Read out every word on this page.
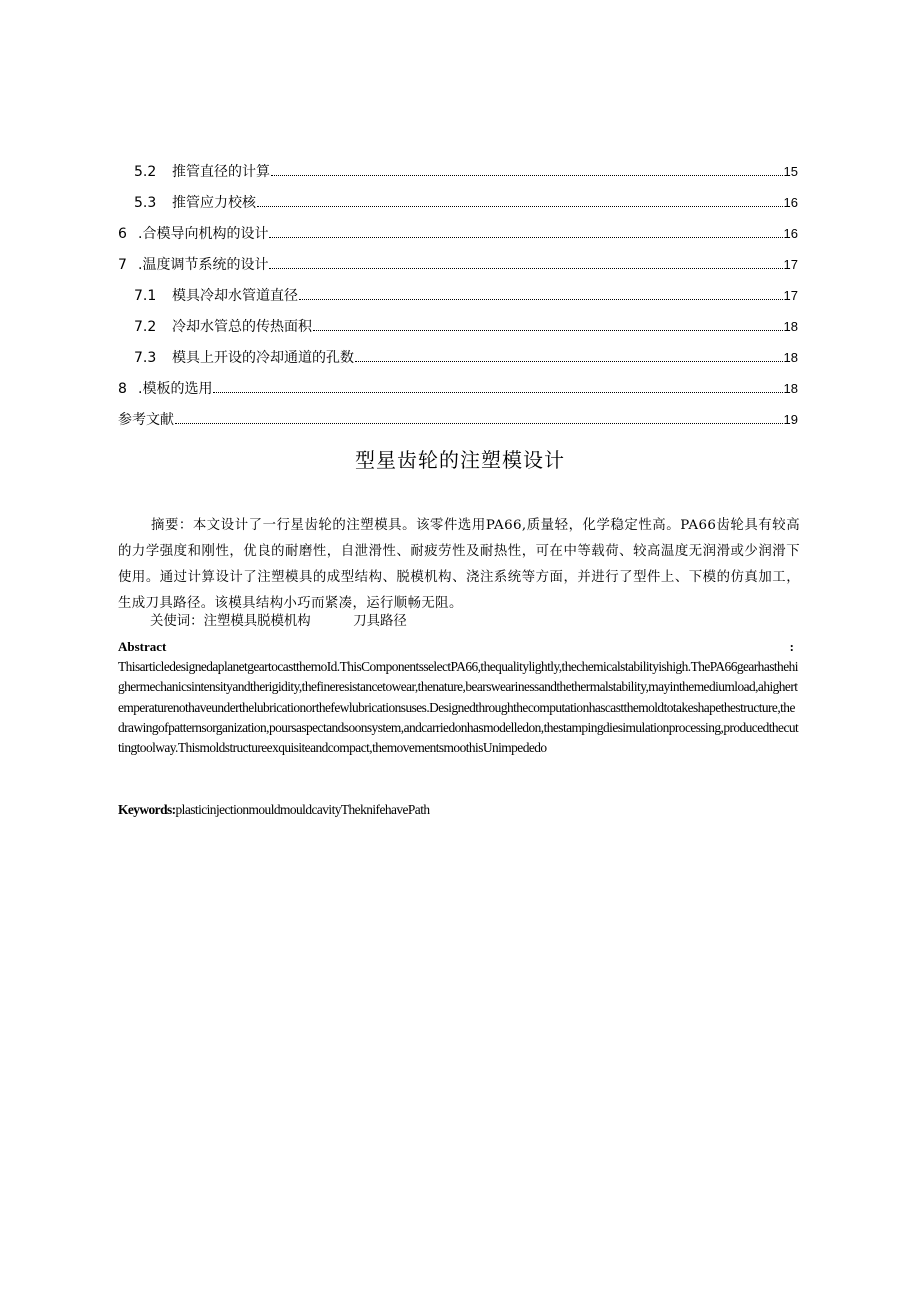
5.2	推管直径的计算	15
5.3	推管应力校核	16
6 .合模导向机构的设计	16
7 .温度调节系统的设计	17
7.1	模具冷却水管道直径	17
7.2	冷却水管总的传热面积	18
7.3	模具上开设的冷却通道的孔数	18
8 .模板的选用	18
参考文献	19
型星齿轮的注塑模设计
摘要：本文设计了一行星齿轮的注塑模具。该零件选用PA66,质量轻，化学稳定性高。PA66齿轮具有较高的力学强度和刚性，优良的耐磨性，自泄滑性、耐疲劳性及耐热性，可在中等载荷、较高温度无润滑或少润滑下使用。通过计算设计了注塑模具的成型结构、脱模机构、浇注系统等方面，并进行了型件上、下模的仿真加工，生成刀具路径。该模具结构小巧而紧凑，运行顺畅无阻。
关使词：注塑模具脱模机构          刀具路径
Abstract	:
ThisarticledesignedaplanetgeartocastthemoId.ThisComponentsselectPA66,thequalitylightly,thechemicalstabilityishigh.ThePA66gearhasthehighermechanicsintensityandtherigidity,thefineresistancetowear,thenature,bearswearinessandthethermalstability,mayinthemediumload,ahighertemperaturenothaveunderthelubricationorthefewlubricationsuses.Designedthroughthecomputationhascastthemoldtotakeshapethestructure,thedrawingofpatternsorganization,poursaspectandsoonsystem,andcarriedonhasmodelledon,thestampingdiesimulationprocessing,producedthecuttingtoolway.Thismoldstructureexquisiteandcompact,themovementsmoothisUnimpededo
Keywords:plasticinjectionmouldmouldcavityTheknifehavePath
